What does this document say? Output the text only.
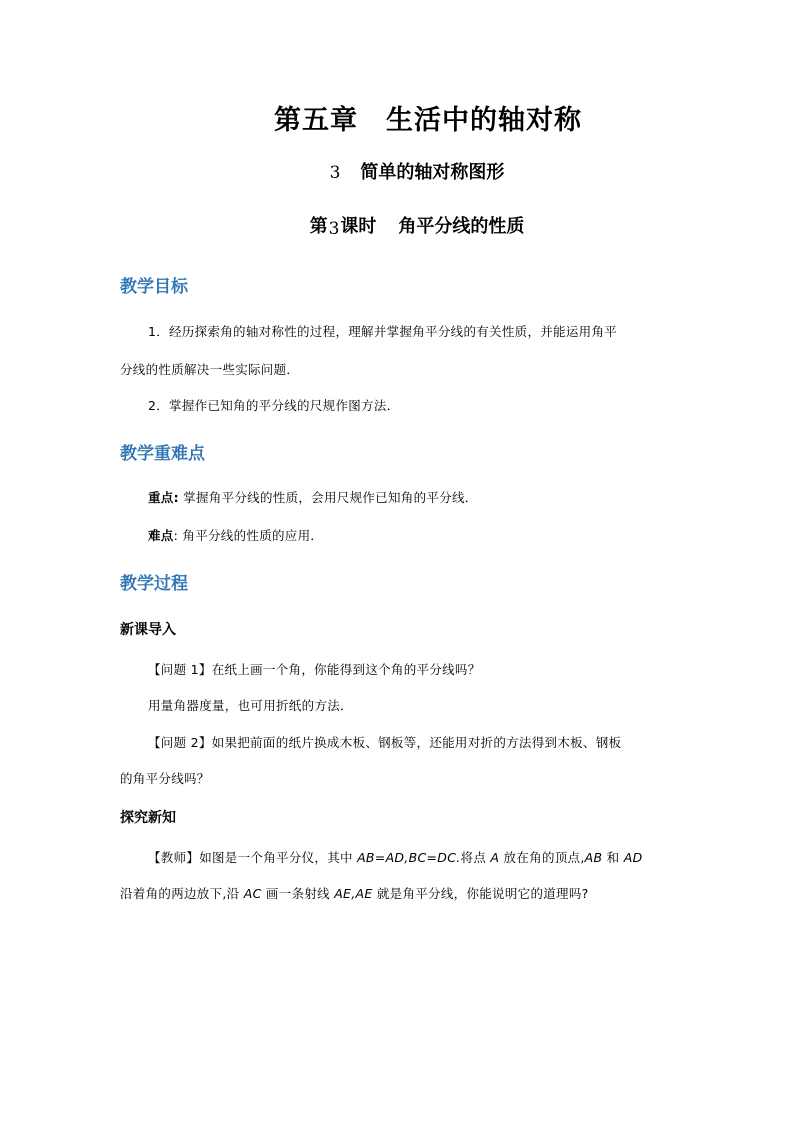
第五章 生活中的轴对称
3 简单的轴对称图形
第3课时 角平分线的性质
教学目标
1．经历探索角的轴对称性的过程，理解并掌握角平分线的有关性质，并能运用角平
分线的性质解决一些实际问题．
2．掌握作已知角的平分线的尺规作图方法．
教学重难点
重点: 掌握角平分线的性质，会用尺规作已知角的平分线．
难点: 角平分线的性质的应用．
教学过程
新课导入
【问题 1】在纸上画一个角，你能得到这个角的平分线吗？
用量角器度量，也可用折纸的方法．
【问题 2】如果把前面的纸片换成木板、钢板等，还能用对折的方法得到木板、钢板
的角平分线吗？
探究新知
【教师】如图是一个角平分仪，其中 AB=AD,BC=DC.将点 A 放在角的顶点,AB 和 AD
沿着角的两边放下,沿 AC 画一条射线 AE,AE 就是角平分线，你能说明它的道理吗?
